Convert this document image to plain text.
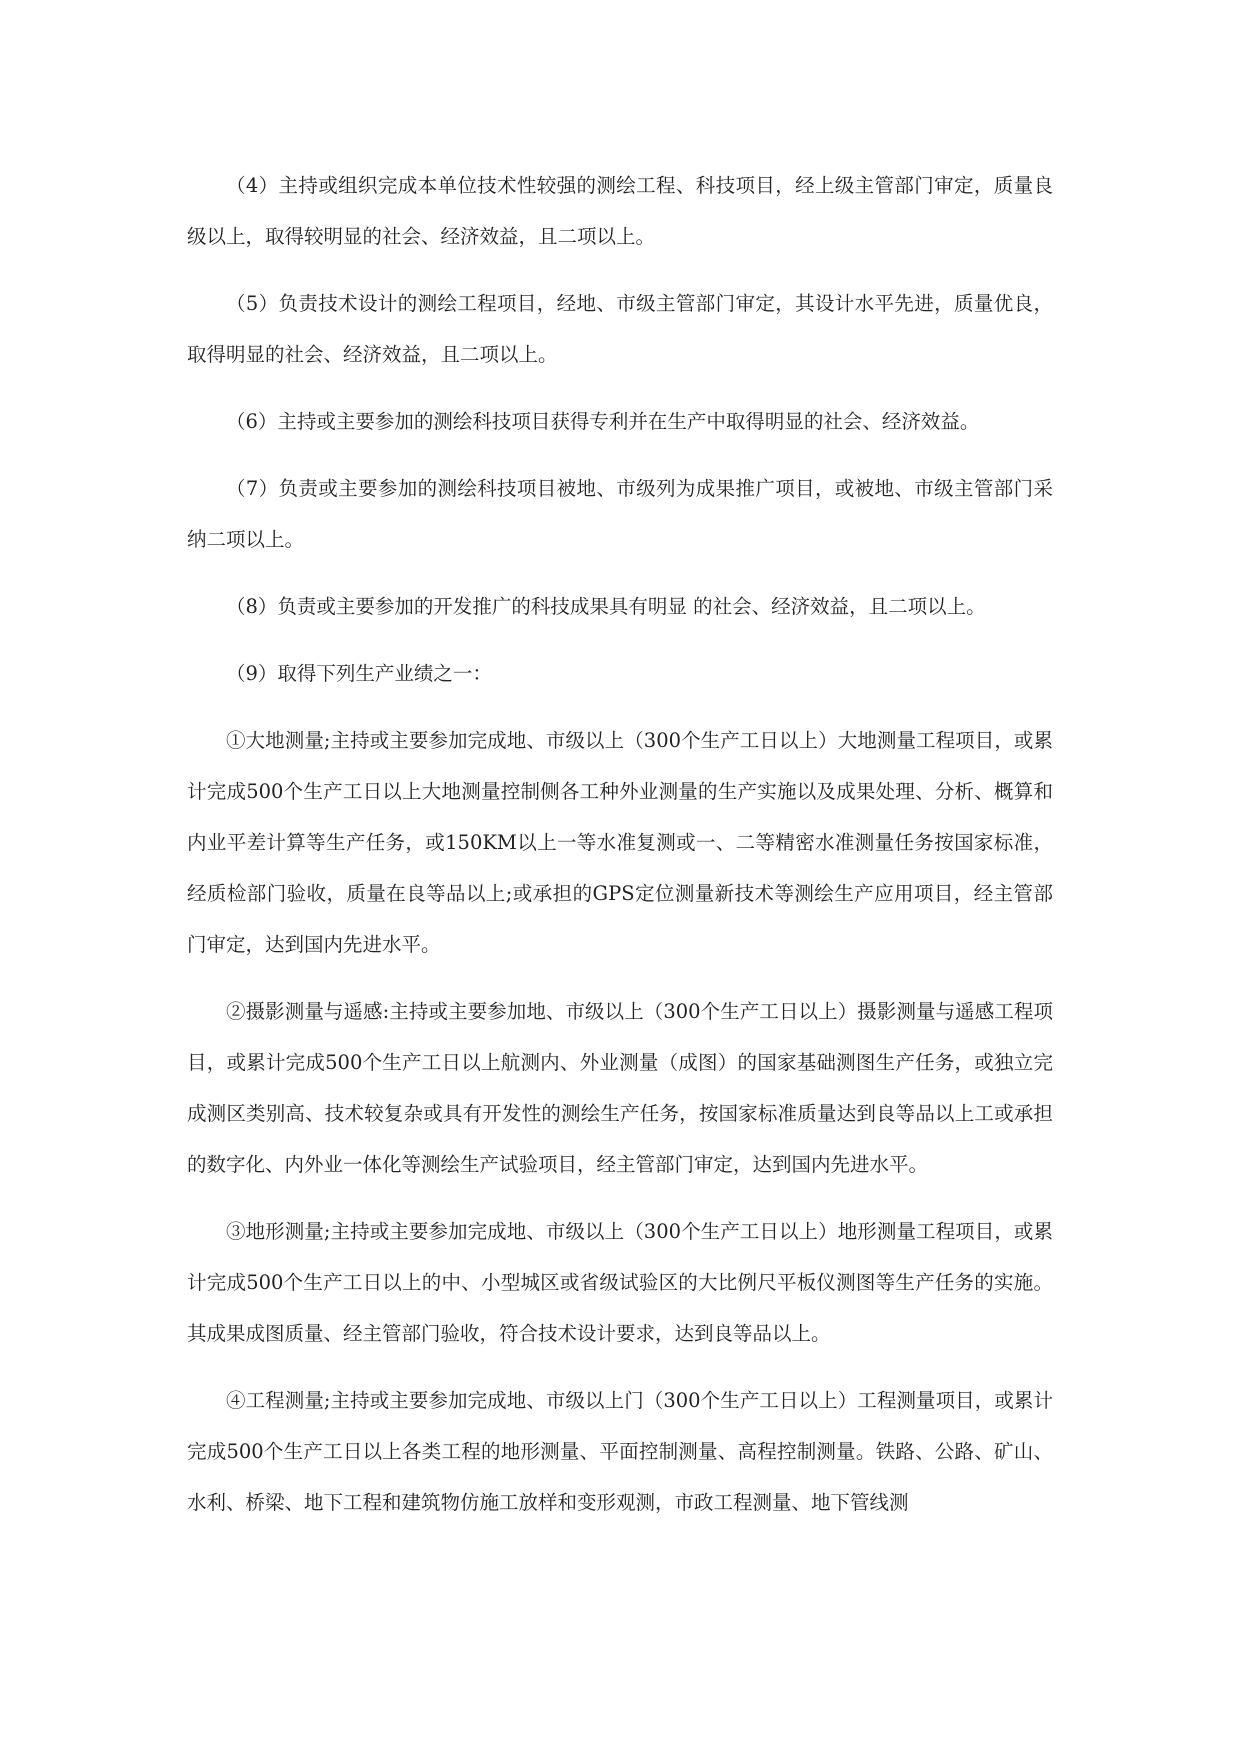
（4）主持或组织完成本单位技术性较强的测绘工程、科技项目，经上级主管部门审定，质量良级以上，取得较明显的社会、经济效益，且二项以上。

（5）负责技术设计的测绘工程项目，经地、市级主管部门审定，其设计水平先进，质量优良，取得明显的社会、经济效益，且二项以上。

（6）主持或主要参加的测绘科技项目获得专利并在生产中取得明显的社会、经济效益。

（7）负责或主要参加的测绘科技项目被地、市级列为成果推广项目，或被地、市级主管部门采纳二项以上。

（8）负责或主要参加的开发推广的科技成果具有明显 的社会、经济效益，且二项以上。

（9）取得下列生产业绩之一：

①大地测量;主持或主要参加完成地、市级以上（300个生产工日以上）大地测量工程项目，或累计完成500个生产工日以上大地测量控制侧各工种外业测量的生产实施以及成果处理、分析、概算和内业平差计算等生产任务，或150KM以上一等水准复测或一、二等精密水准测量任务按国家标准，经质检部门验收，质量在良等品以上;或承担的GPS定位测量新技术等测绘生产应用项目，经主管部门审定，达到国内先进水平。

②摄影测量与遥感:主持或主要参加地、市级以上（300个生产工日以上）摄影测量与遥感工程项目，或累计完成500个生产工日以上航测内、外业测量（成图）的国家基础测图生产任务，或独立完成测区类别高、技术较复杂或具有开发性的测绘生产任务，按国家标准质量达到良等品以上工或承担的数字化、内外业一体化等测绘生产试验项目，经主管部门审定，达到国内先进水平。

③地形测量;主持或主要参加完成地、市级以上（300个生产工日以上）地形测量工程项目，或累计完成500个生产工日以上的中、小型城区或省级试验区的大比例尺平板仪测图等生产任务的实施。其成果成图质量、经主管部门验收，符合技术设计要求，达到良等品以上。

④工程测量;主持或主要参加完成地、市级以上门（300个生产工日以上）工程测量项目，或累计完成500个生产工日以上各类工程的地形测量、平面控制测量、高程控制测量。铁路、公路、矿山、水利、桥梁、地下工程和建筑物仿施工放样和变形观测，市政工程测量、地下管线测
